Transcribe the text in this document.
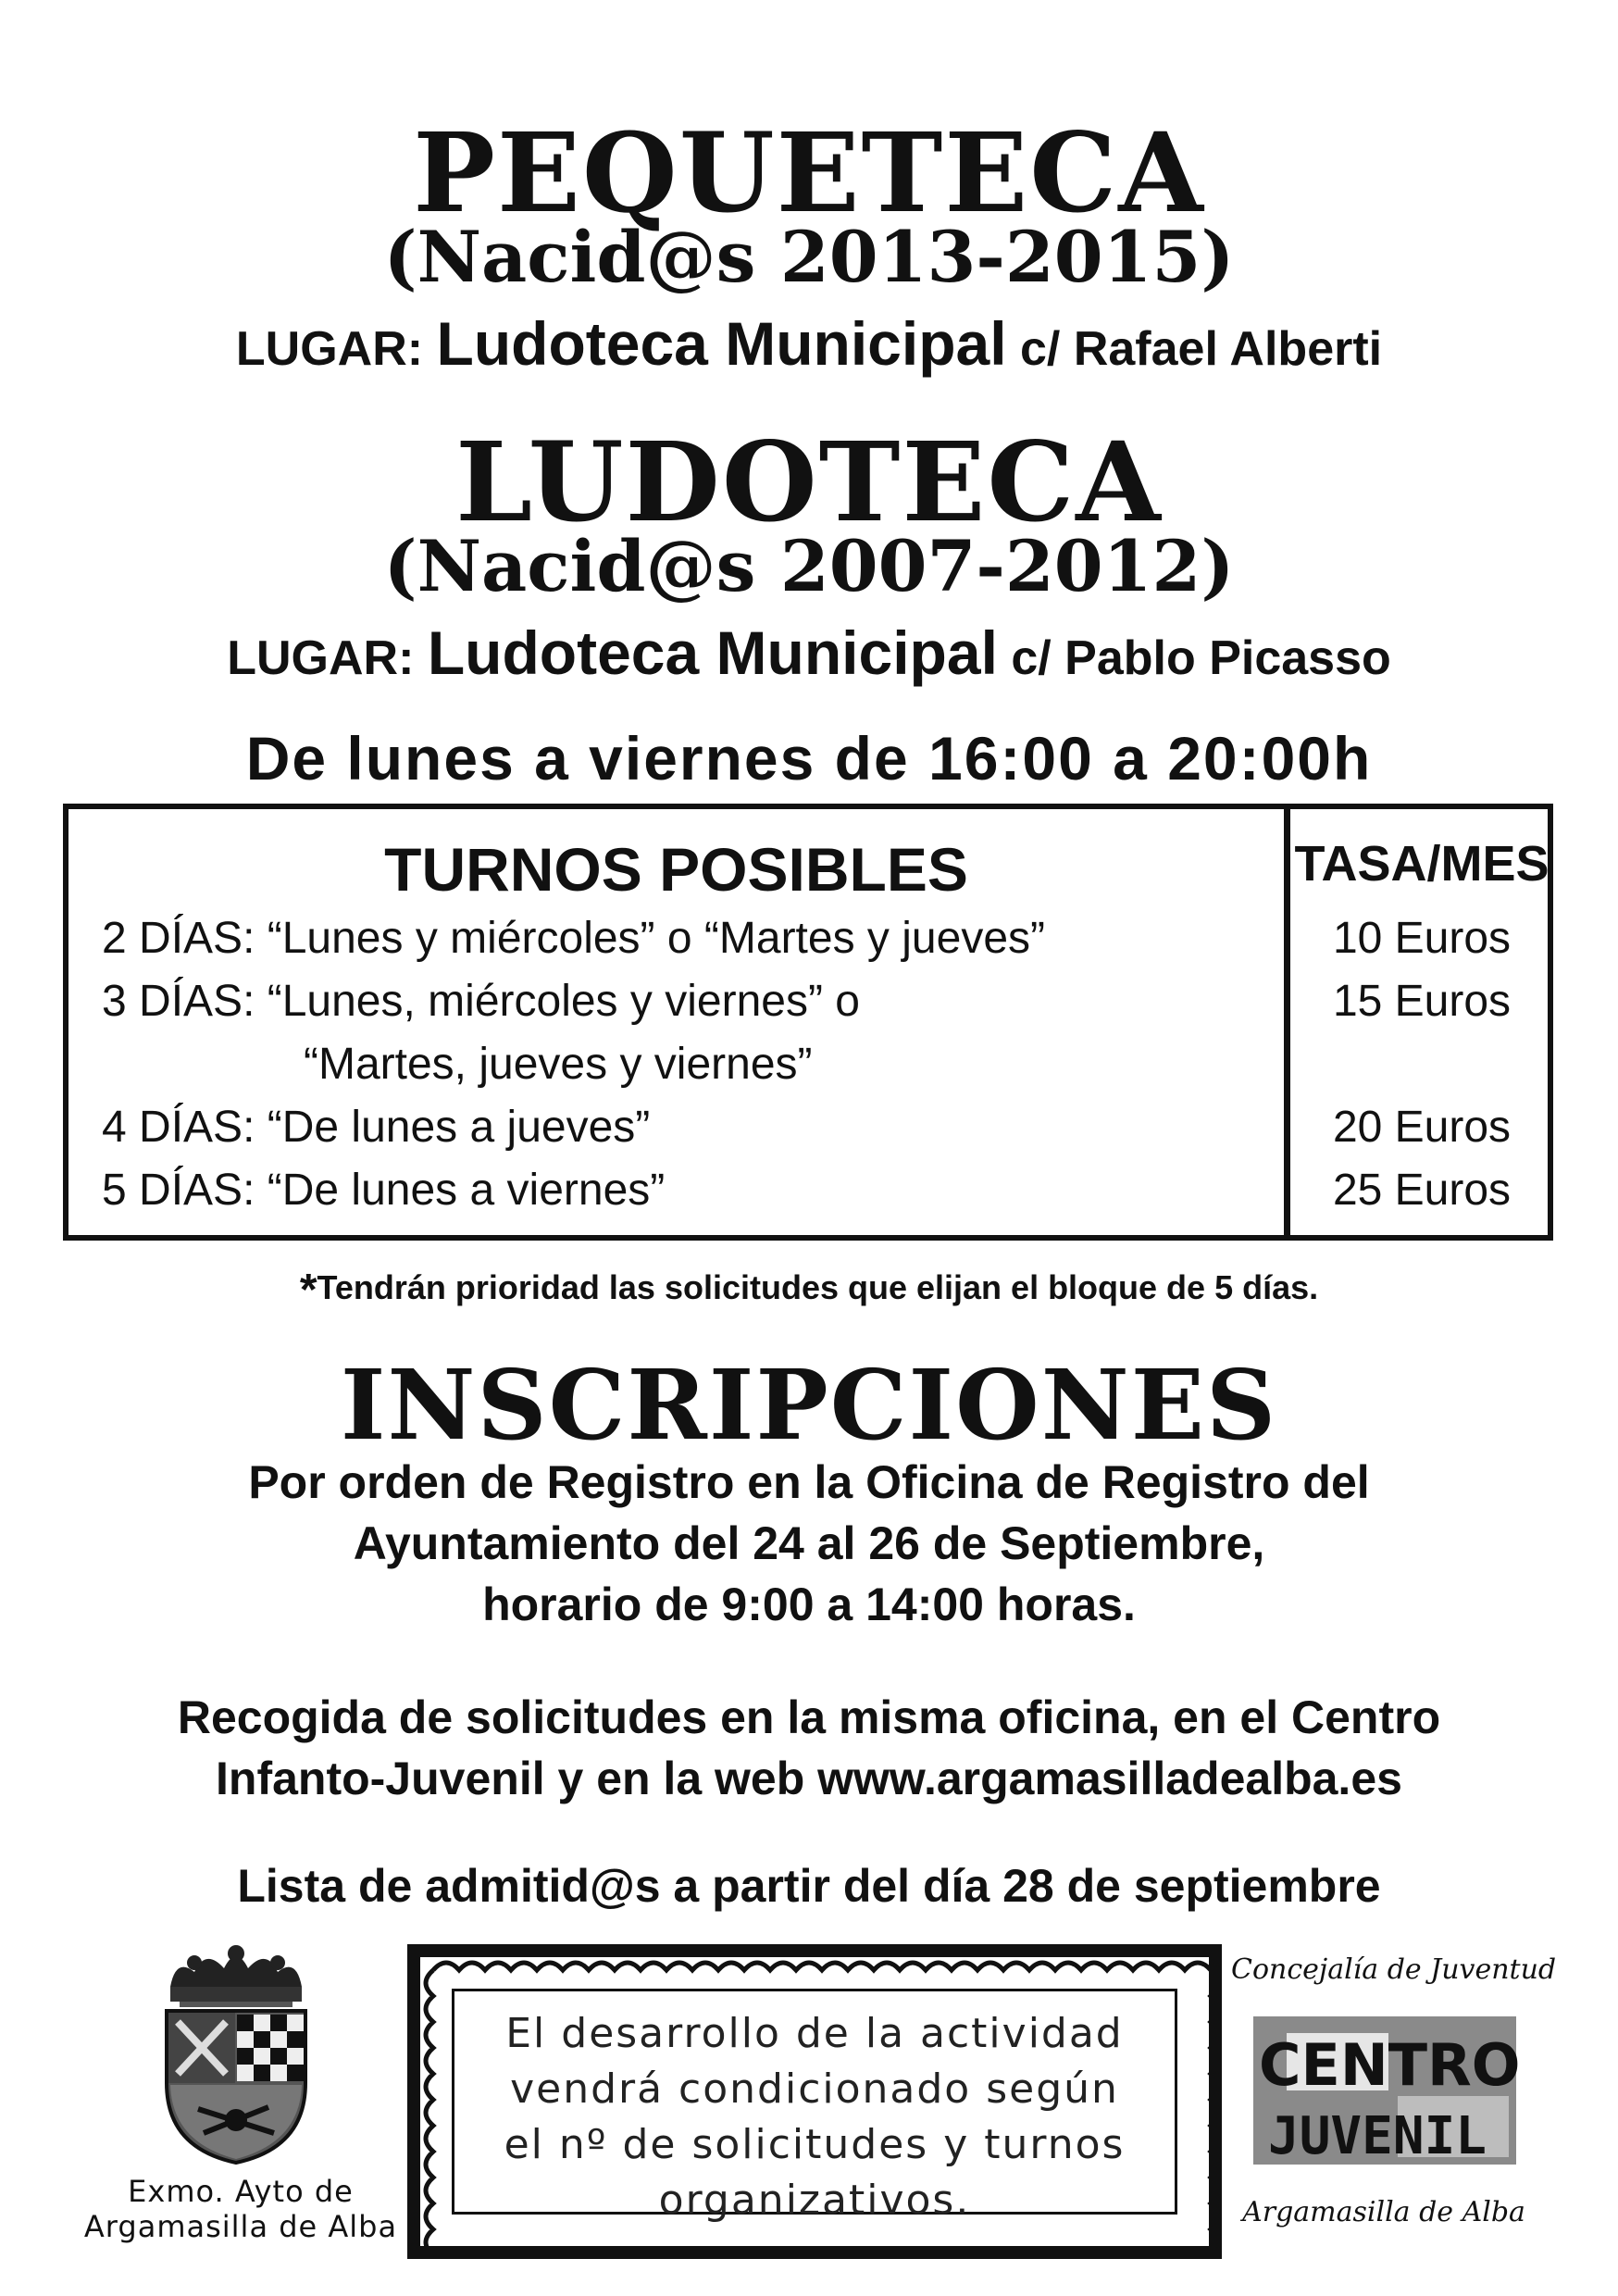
PEQUETECA
(Nacid@s 2013-2015)
LUGAR: Ludoteca Municipal c/ Rafael Alberti
LUDOTECA
(Nacid@s 2007-2012)
LUGAR: Ludoteca Municipal c/ Pablo Picasso
De lunes a viernes de 16:00 a 20:00h
TURNOS POSIBLES	TASA/MES
2 DÍAS: “Lunes y miércoles” o “Martes y jueves”	10 Euros
3 DÍAS: “Lunes, miércoles y viernes” o	15 Euros
“Martes, jueves y viernes”
4 DÍAS: “De lunes a jueves”	20 Euros
5 DÍAS: “De lunes a viernes”	25 Euros
*Tendrán prioridad las solicitudes que elijan el bloque de 5 días.
INSCRIPCIONES
Por orden de Registro en la Oficina de Registro del
Ayuntamiento del 24 al 26 de Septiembre,
horario de 9:00 a 14:00 horas.
Recogida de solicitudes en la misma oficina, en el Centro
Infanto-Juvenil y en la web www.argamasilladealba.es
Lista de admitid@s a partir del día 28 de septiembre
Exmo. Ayto de
Argamasilla de Alba
El desarrollo de la actividad
vendrá condicionado según
el nº de solicitudes y turnos
organizativos.
Concejalía de Juventud
CENTRO
JUVENIL
Argamasilla de Alba
